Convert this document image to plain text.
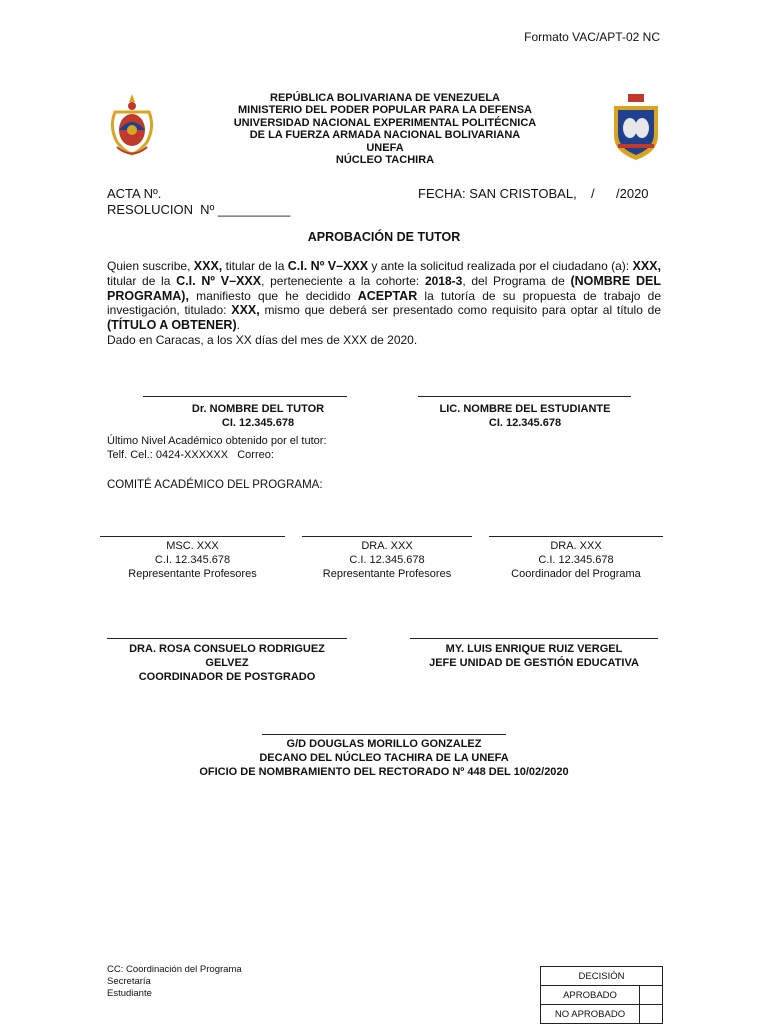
Formato VAC/APT-02 NC
REPÚBLICA BOLIVARIANA DE VENEZUELA
MINISTERIO DEL PODER POPULAR PARA LA DEFENSA
UNIVERSIDAD NACIONAL EXPERIMENTAL POLITÉCNICA
DE LA FUERZA ARMADA NACIONAL BOLIVARIANA
UNEFA
NÚCLEO TACHIRA
ACTA Nº.
RESOLUCION  Nº __________
FECHA: SAN CRISTOBAL, / /2020
APROBACIÓN DE TUTOR
Quien suscribe, XXX, titular de la C.I. Nº V–XXX y ante la solicitud realizada por el ciudadano (a): XXX, titular de la C.I. Nº V–XXX, perteneciente a la cohorte: 2018-3, del Programa de (NOMBRE DEL PROGRAMA), manifiesto que he decidido ACEPTAR la tutoría de su propuesta de trabajo de investigación, titulado: XXX, mismo que deberá ser presentado como requisito para optar al título de (TÍTULO A OBTENER).
Dado en Caracas, a los XX días del mes de XXX de 2020.
Dr. NOMBRE DEL TUTOR
CI. 12.345.678
LIC. NOMBRE DEL ESTUDIANTE
CI. 12.345.678
Último Nivel Académico obtenido por el tutor:
Telf. Cel.: 0424-XXXXXX   Correo:
COMITÉ ACADÉMICO DEL PROGRAMA:
MSC. XXX
C.I. 12.345.678
Representante Profesores
DRA. XXX
C.I. 12.345.678
Representante Profesores
DRA. XXX
C.I. 12.345.678
Coordinador del Programa
DRA. ROSA CONSUELO RODRIGUEZ
GELVEZ
COORDINADOR DE POSTGRADO
MY. LUIS ENRIQUE RUIZ VERGEL
JEFE UNIDAD DE GESTIÓN EDUCATIVA
G/D DOUGLAS MORILLO GONZALEZ
DECANO DEL NÚCLEO TACHIRA DE LA UNEFA
OFICIO DE NOMBRAMIENTO DEL RECTORADO Nº 448 DEL 10/02/2020
CC: Coordinación del Programa
Secretaría
Estudiante
DECISIÓN	
APROBADO	
NO APROBADO	
